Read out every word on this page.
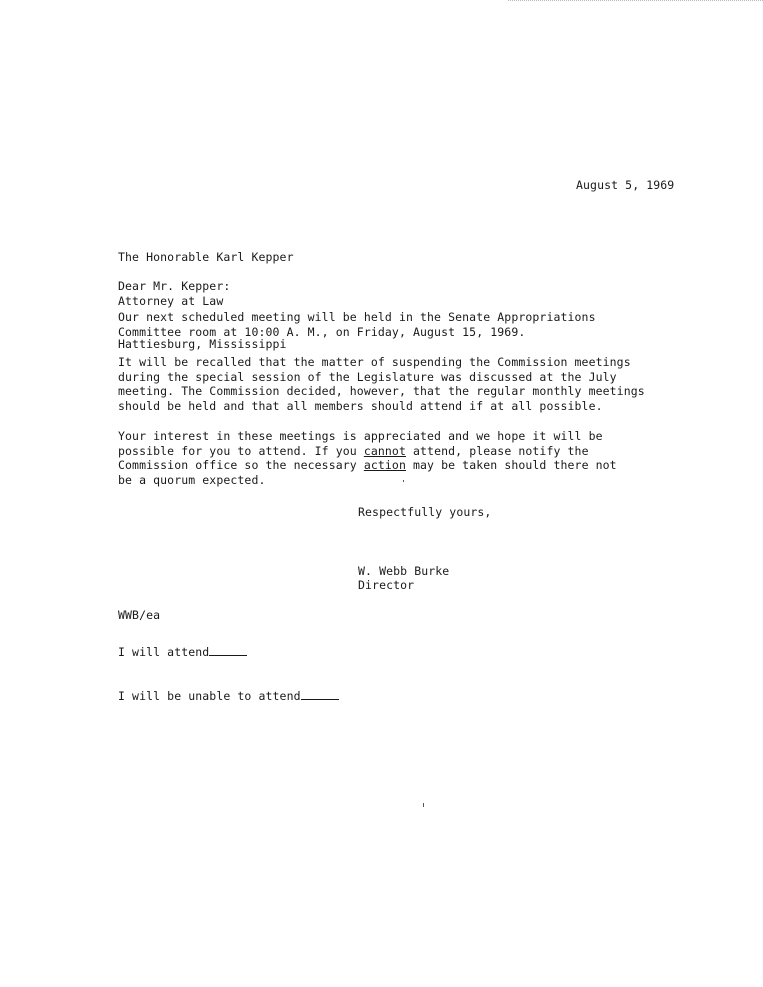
August 5, 1969

The Honorable Karl Kepper

Attorney at Law

Hattiesburg, Mississippi

Dear Mr. Kepper:
Our next scheduled meeting will be held in the Senate Appropriations
Committee room at 10:00 A. M., on Friday, August 15, 1969.
It will be recalled that the matter of suspending the Commission meetings
during the special session of the Legislature was discussed at the July
meeting. The Commission decided, however, that the regular monthly meetings
should be held and that all members should attend if at all possible.
Your interest in these meetings is appreciated and we hope it will be
possible for you to attend. If you cannot attend, please notify the
Commission office so the necessary action may be taken should there not
be a quorum expected.
Respectfully yours,
W. Webb Burke
Director
WWB/ea
I will attend
I will be unable to attend
